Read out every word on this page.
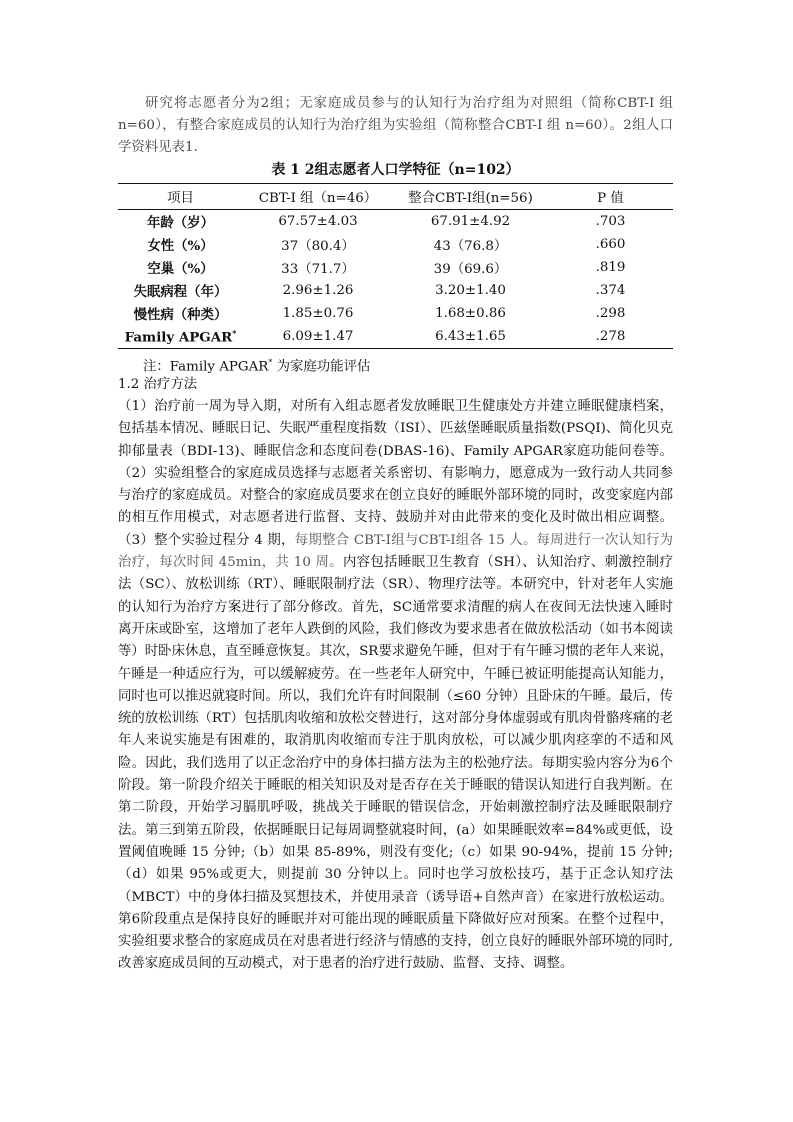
研究将志愿者分为2组；无家庭成员参与的认知行为治疗组为对照组（简称CBT-I 组 n=60），有整合家庭成员的认知行为治疗组为实验组（简称整合CBT-I 组 n=60）。2组人口学资料见表1.

表 1 2组志愿者人口学特征（n=102）
项目	CBT-I 组（n=46）	整合CBT-I组(n=56)	P 值
年龄（岁）	67.57±4.03	67.91±4.92	.703
女性（%）	37（80.4）	43（76.8）	.660
空巢（%）	33（71.7）	39（69.6）	.819
失眠病程（年）	2.96±1.26	3.20±1.40	.374
慢性病（种类）	1.85±0.76	1.68±0.86	.298
Family APGAR*	6.09±1.47	6.43±1.65	.278
注：Family APGAR* 为家庭功能评估
1.2 治疗方法

（1）治疗前一周为导入期，对所有入组志愿者发放睡眠卫生健康处方并建立睡眠健康档案，包括基本情况、睡眠日记、失眠严重程度指数（ISI）、匹兹堡睡眠质量指数(PSQI)、简化贝克抑郁量表（BDI-13)、睡眠信念和态度问卷(DBAS-16)、Family APGAR家庭功能问卷等。（2）实验组整合的家庭成员选择与志愿者关系密切、有影响力，愿意成为一致行动人共同参与治疗的家庭成员。对整合的家庭成员要求在创立良好的睡眠外部环境的同时，改变家庭内部的相互作用模式，对志愿者进行监督、支持、鼓励并对由此带来的变化及时做出相应调整。（3）整个实验过程分 4 期，每期整合 CBT-I组与CBT-I组各 15 人。每周进行一次认知行为治疗，每次时间 45min，共 10 周。内容包括睡眠卫生教育（SH）、认知治疗、刺激控制疗法（SC）、放松训练（RT）、睡眠限制疗法（SR）、物理疗法等。本研究中，针对老年人实施的认知行为治疗方案进行了部分修改。首先，SC通常要求清醒的病人在夜间无法快速入睡时离开床或卧室，这增加了老年人跌倒的风险，我们修改为要求患者在做放松活动（如书本阅读等）时卧床休息，直至睡意恢复。其次，SR要求避免午睡，但对于有午睡习惯的老年人来说，午睡是一种适应行为，可以缓解疲劳。在一些老年人研究中，午睡已被证明能提高认知能力，同时也可以推迟就寝时间。所以，我们允许有时间限制（≤60 分钟）且卧床的午睡。最后，传统的放松训练（RT）包括肌肉收缩和放松交替进行，这对部分身体虚弱或有肌肉骨骼疼痛的老年人来说实施是有困难的，取消肌肉收缩而专注于肌肉放松，可以减少肌肉痉挛的不适和风险。因此，我们选用了以正念治疗中的身体扫描方法为主的松弛疗法。每期实验内容分为6个阶段。第一阶段介绍关于睡眠的相关知识及对是否存在关于睡眠的错误认知进行自我判断。在第二阶段，开始学习膈肌呼吸，挑战关于睡眠的错误信念，开始刺激控制疗法及睡眠限制疗法。第三到第五阶段，依据睡眠日记每周调整就寝时间，(a）如果睡眠效率=84%或更低，设置阈值晚睡 15 分钟;（b）如果 85-89%，则没有变化;（c）如果 90-94%，提前 15 分钟;（d）如果 95%或更大，则提前 30 分钟以上。同时也学习放松技巧，基于正念认知疗法（MBCT）中的身体扫描及冥想技术，并使用录音（诱导语+自然声音）在家进行放松运动。第6阶段重点是保持良好的睡眠并对可能出现的睡眠质量下降做好应对预案。在整个过程中，实验组要求整合的家庭成员在对患者进行经济与情感的支持，创立良好的睡眠外部环境的同时,改善家庭成员间的互动模式，对于患者的治疗进行鼓励、监督、支持、调整。
